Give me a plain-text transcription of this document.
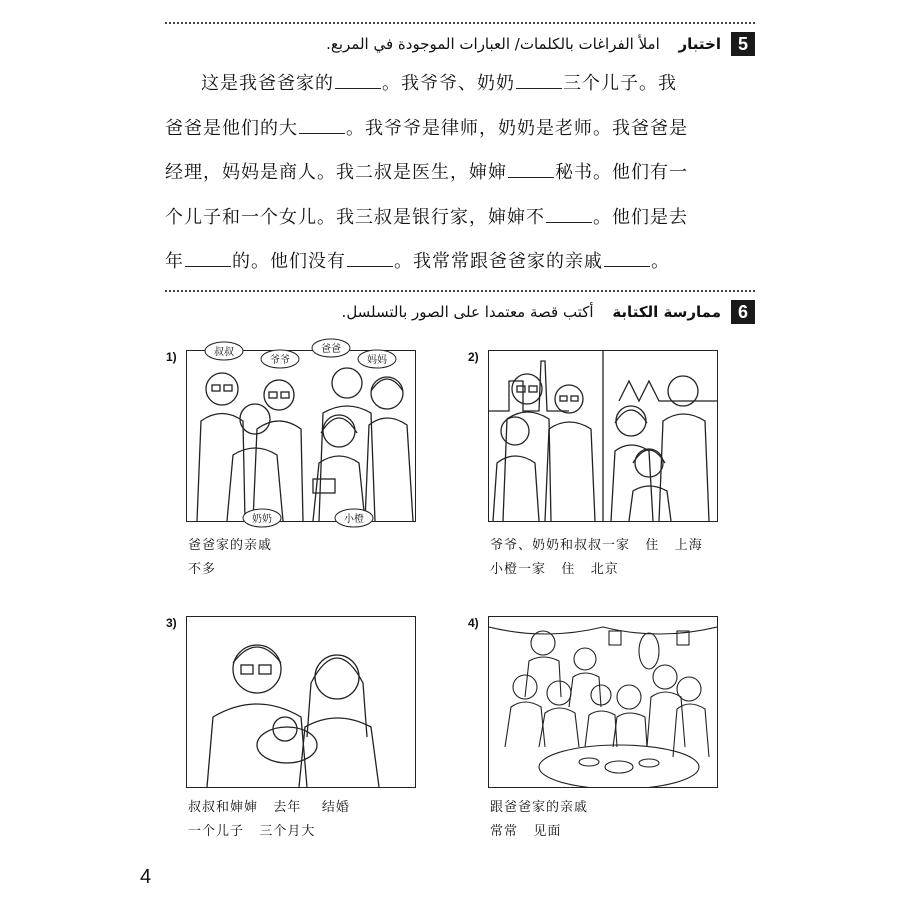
5
اختبار املأ الفراغات بالكلمات/ العبارات الموجودة في المربع.

这是我爸爸家的	。我爷爷、奶奶	三个儿子。我

爸爸是他们的大	。我爷爷是律师，奶奶是老师。我爸爸是

经理，妈妈是商人。我二叔是医生，婶婶	秘书。他们有一

个儿子和一个女儿。我三叔是银行家，婶婶不	。他们是去

年	的。他们没有	。我常常跟爸爸家的亲戚	。

6
ممارسة الكتابة أكتب قصة معتمدا على الصور بالتسلسل.
1)	叔叔
爷爷
爸爸
妈妈
奶奶	小橙
爸爸家的亲戚
不多
2)
爷爷、奶奶和叔叔一家   住   上海
小橙一家   住   北京
3)
叔叔和婶婶   去年    结婚
一个儿子   三个月大
4)
跟爸爸家的亲戚
常常   见面
4
